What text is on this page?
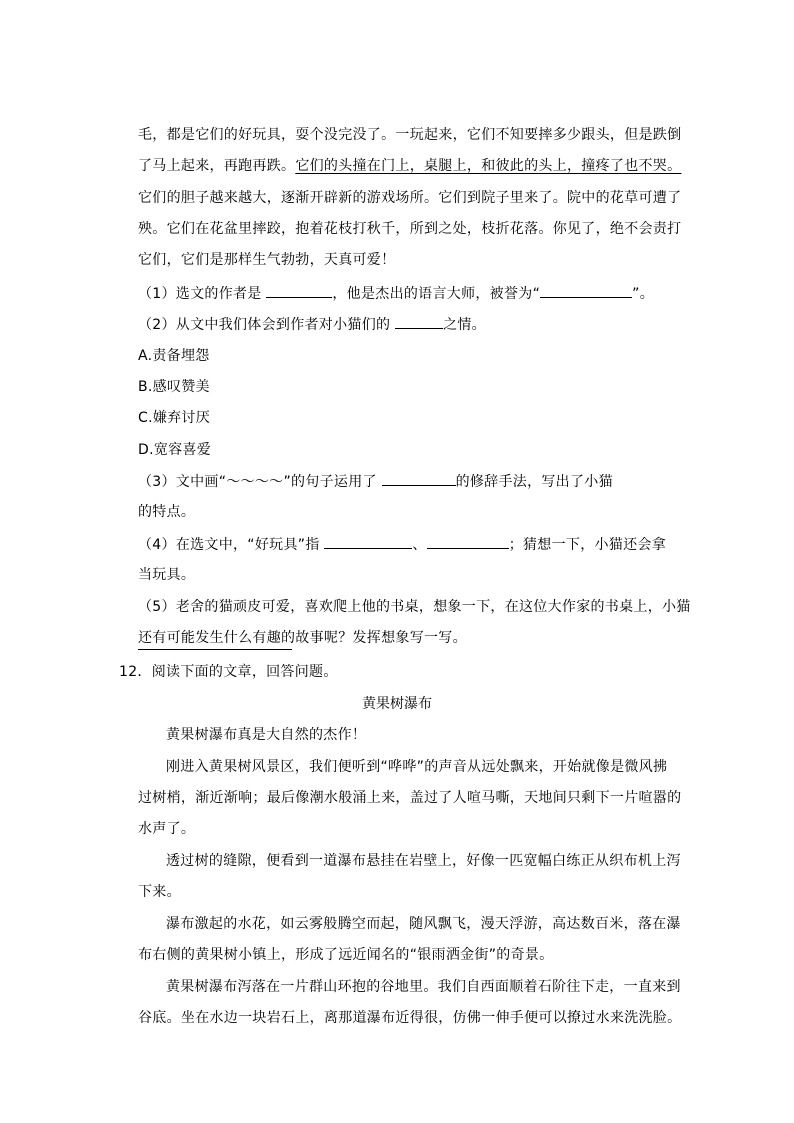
毛，都是它们的好玩具，耍个没完没了。一玩起来，它们不知要摔多少跟头，但是跌倒
了马上起来，再跑再跌。它们的头撞在门上，桌腿上，和彼此的头上，撞疼了也不哭。
它们的胆子越来越大，逐渐开辟新的游戏场所。它们到院子里来了。院中的花草可遭了
殃。它们在花盆里摔跤，抱着花枝打秋千，所到之处，枝折花落。你见了，绝不会责打
它们，它们是那样生气勃勃，天真可爱！
（1）选文的作者是	，他是杰出的语言大师，被誉为“	”。
（2）从文中我们体会到作者对小猫们的	之情。
A.责备埋怨
B.感叹赞美
C.嫌弃讨厌
D.宽容喜爱
（3）文中画“～～～～”的句子运用了	的修辞手法，写出了小猫
的特点。
（4）在选文中，“好玩具”指	、	；猜想一下，小猫还会拿
当玩具。
（5）老舍的猫顽皮可爱，喜欢爬上他的书桌，想象一下，在这位大作家的书桌上，小猫
还有可能发生什么有趣的故事呢？发挥想象写一写。
12．阅读下面的文章，回答问题。
黄果树瀑布
黄果树瀑布真是大自然的杰作！
刚进入黄果树风景区，我们便听到“哗哗”的声音从远处飘来，开始就像是微风拂
过树梢，渐近渐响；最后像潮水般涌上来，盖过了人喧马嘶，天地间只剩下一片喧嚣的
水声了。
透过树的缝隙，便看到一道瀑布悬挂在岩壁上，好像一匹宽幅白练正从织布机上泻
下来。
瀑布激起的水花，如云雾般腾空而起，随风飘飞，漫天浮游，高达数百米，落在瀑
布右侧的黄果树小镇上，形成了远近闻名的“银雨洒金街”的奇景。
黄果树瀑布泻落在一片群山环抱的谷地里。我们自西面顺着石阶往下走，一直来到
谷底。坐在水边一块岩石上，离那道瀑布近得很，仿佛一伸手便可以撩过水来洗洗脸。
